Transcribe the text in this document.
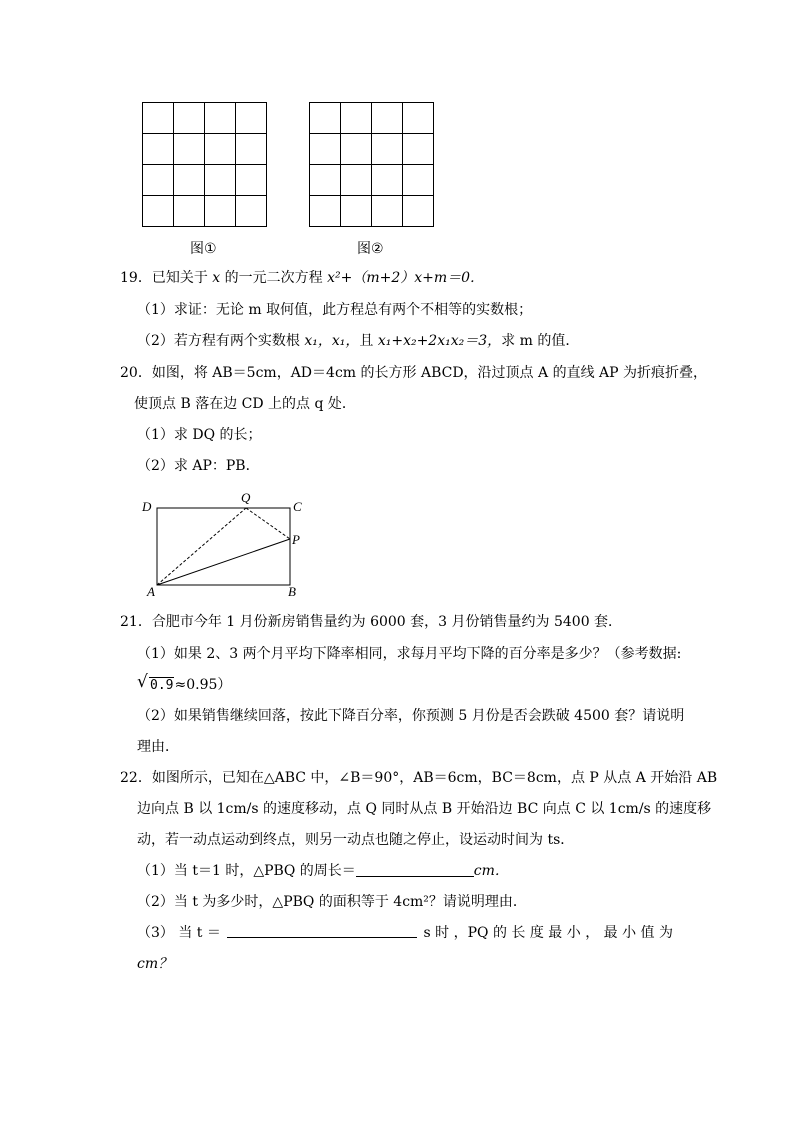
图①	图②
19．已知关于 x 的一元二次方程 x²+（m+2）x+m＝0．
（1）求证：无论 m 取何值，此方程总有两个不相等的实数根；
（2）若方程有两个实数根 x₁，x₁，且 x₁+x₂+2x₁x₂＝3，求 m 的值．
20．如图，将 AB＝5cm，AD＝4cm 的长方形 ABCD，沿过顶点 A 的直线 AP 为折痕折叠，
使顶点 B 落在边 CD 上的点 q 处．
（1）求 DQ 的长；
（2）求 AP：PB．
D
Q
C
P
A	B
21．合肥市今年 1 月份新房销售量约为 6000 套，3 月份销售量约为 5400 套．
（1）如果 2、3 两个月平均下降率相同，求每月平均下降的百分率是多少？（参考数据:
√ 0.9≈0.95）
（2）如果销售继续回落，按此下降百分率，你预测 5 月份是否会跌破 4500 套？请说明
理由．
22．如图所示，已知在△ABC 中，∠B＝90°，AB＝6cm，BC＝8cm，点 P 从点 A 开始沿 AB
边向点 B 以 1cm/s 的速度移动，点 Q 同时从点 B 开始沿边 BC 向点 C 以 1cm/s 的速度移
动，若一动点运动到终点，则另一动点也随之停止，设运动时间为 ts．
（1）当 t＝1 时，△PBQ 的周长＝	cm．
（2）当 t 为多少时，△PBQ 的面积等于 4cm²？请说明理由．
（3） 当 t ＝	s 时 ，PQ 的 长 度 最 小 ， 最 小 值 为
cm？
